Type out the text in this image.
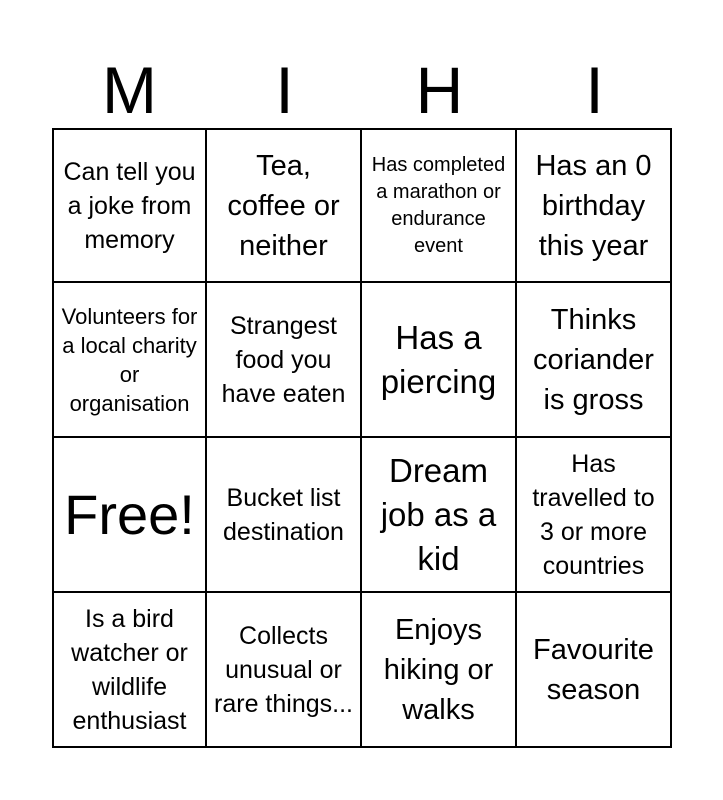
M	I	H	I
Can tell you a joke from memory
Tea, coffee or neither
Has completed a marathon or endurance event
Has an 0 birthday this year
Volunteers for a local charity or organisation
Strangest food you have eaten
Has a piercing
Thinks coriander is gross
Free!	Bucket list destination
Dream job as a kid
Has travelled to 3 or more countries
Is a bird watcher or wildlife enthusiast
Collects unusual or rare things...
Enjoys hiking or walks
Favourite season
